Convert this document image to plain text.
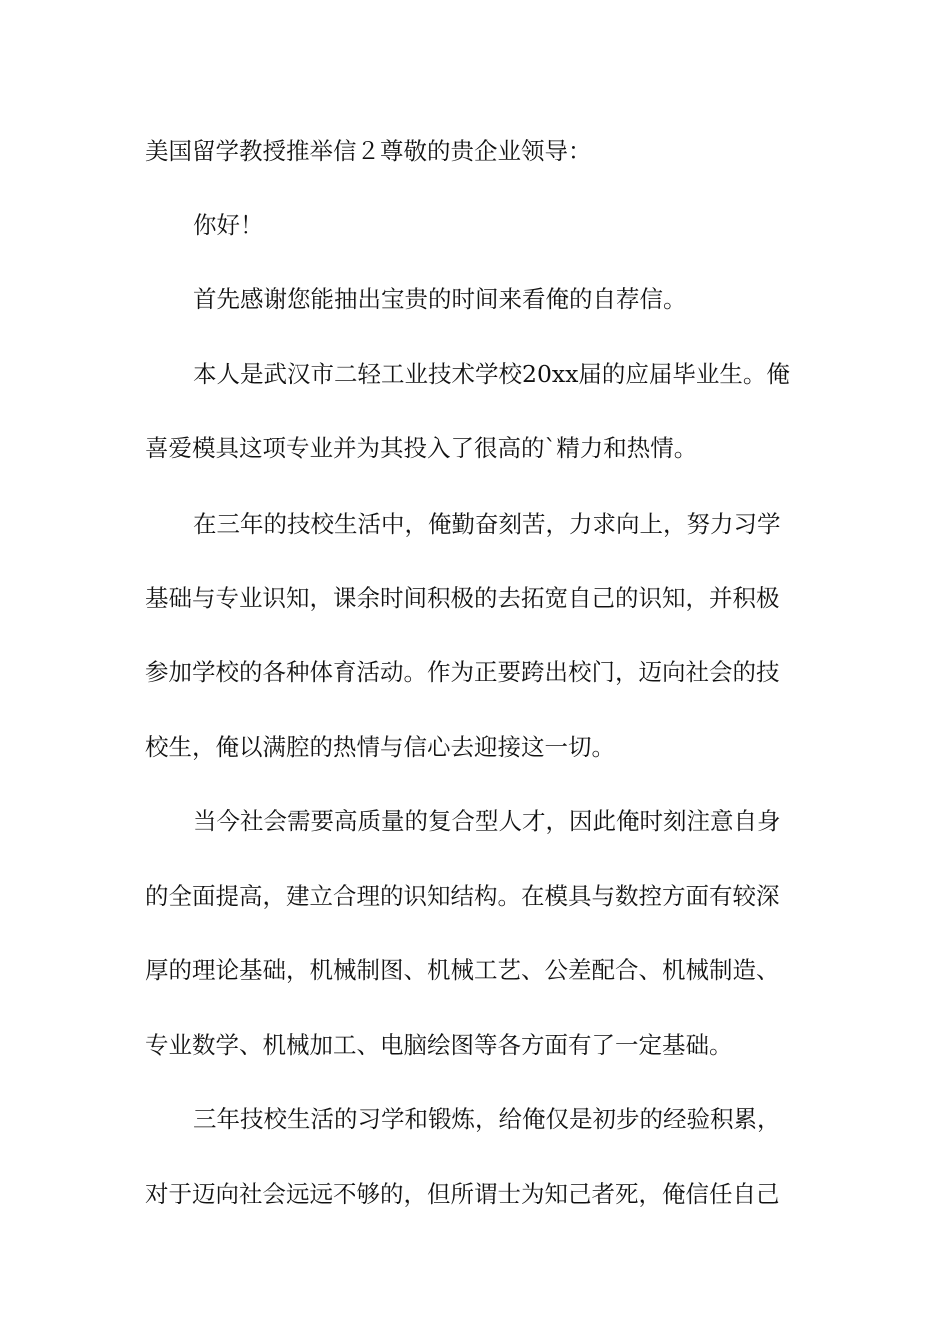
美国留学教授推举信２尊敬的贵企业领导：

你好！

首先感谢您能抽出宝贵的时间来看俺的自荐信。

本人是武汉市二轻工业技术学校20xx届的应届毕业生。俺

喜爱模具这项专业并为其投入了很高的`精力和热情。

在三年的技校生活中，俺勤奋刻苦，力求向上，努力习学

基础与专业识知，课余时间积极的去拓宽自己的识知，并积极

参加学校的各种体育活动。作为正要跨出校门，迈向社会的技

校生，俺以满腔的热情与信心去迎接这一切。

当今社会需要高质量的复合型人才，因此俺时刻注意自身

的全面提高，建立合理的识知结构。在模具与数控方面有较深

厚的理论基础，机械制图、机械工艺、公差配合、机械制造、

专业数学、机械加工、电脑绘图等各方面有了一定基础。

三年技校生活的习学和锻炼，给俺仅是初步的经验积累，

对于迈向社会远远不够的，但所谓士为知己者死，俺信任自己
